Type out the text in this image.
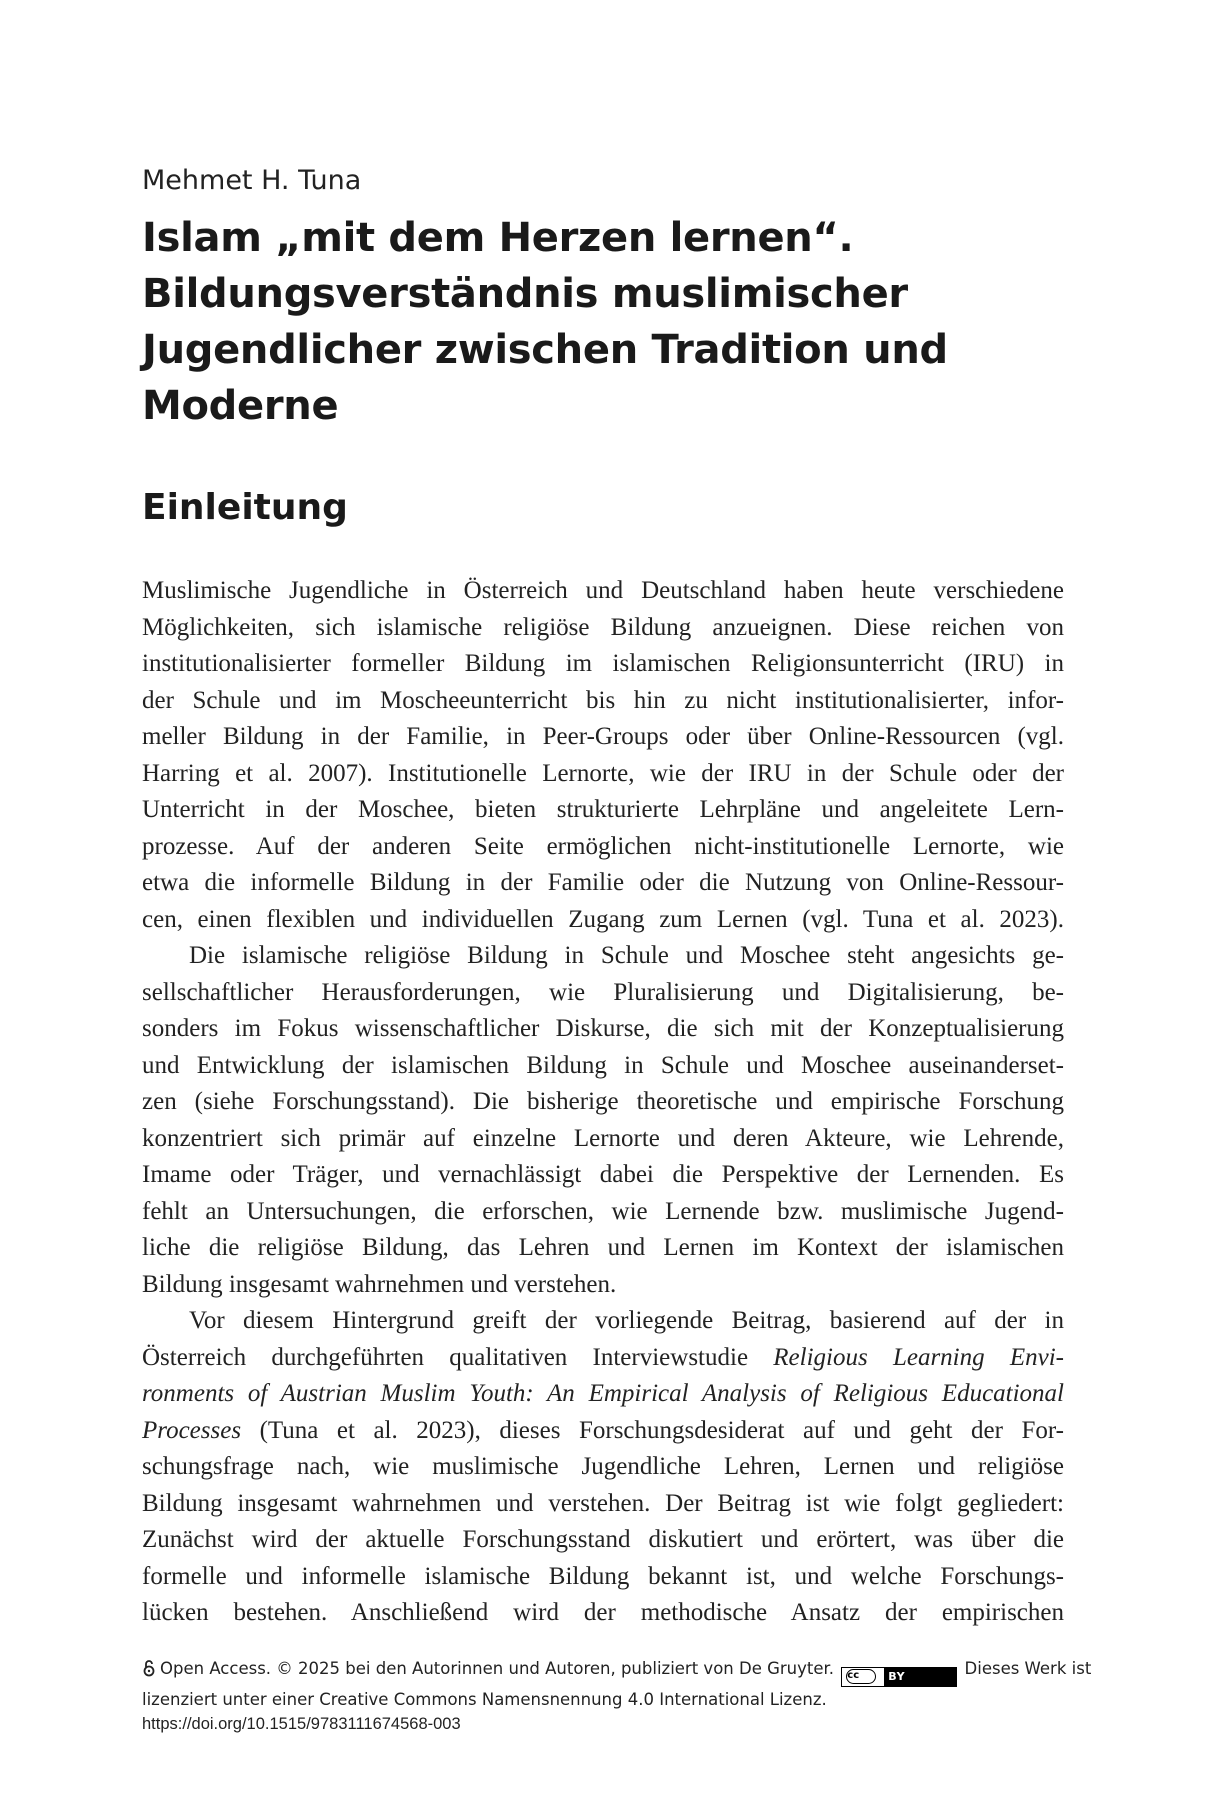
Mehmet H. Tuna
Islam „mit dem Herzen lernen“.
Bildungsverständnis muslimischer
Jugendlicher zwischen Tradition und
Moderne
Einleitung
Muslimische Jugendliche in Österreich und Deutschland haben heute verschiedene
Möglichkeiten, sich islamische religiöse Bildung anzueignen. Diese reichen von
institutionalisierter formeller Bildung im islamischen Religionsunterricht (IRU) in
der Schule und im Moscheeunterricht bis hin zu nicht institutionalisierter, infor-
meller Bildung in der Familie, in Peer-Groups oder über Online-Ressourcen (vgl.
Harring et al. 2007). Institutionelle Lernorte, wie der IRU in der Schule oder der
Unterricht in der Moschee, bieten strukturierte Lehrpläne und angeleitete Lern-
prozesse. Auf der anderen Seite ermöglichen nicht-institutionelle Lernorte, wie
etwa die informelle Bildung in der Familie oder die Nutzung von Online-Ressour-
cen, einen flexiblen und individuellen Zugang zum Lernen (vgl. Tuna et al. 2023).
Die islamische religiöse Bildung in Schule und Moschee steht angesichts ge-
sellschaftlicher Herausforderungen, wie Pluralisierung und Digitalisierung, be-
sonders im Fokus wissenschaftlicher Diskurse, die sich mit der Konzeptualisierung
und Entwicklung der islamischen Bildung in Schule und Moschee auseinanderset-
zen (siehe Forschungsstand). Die bisherige theoretische und empirische Forschung
konzentriert sich primär auf einzelne Lernorte und deren Akteure, wie Lehrende,
Imame oder Träger, und vernachlässigt dabei die Perspektive der Lernenden. Es
fehlt an Untersuchungen, die erforschen, wie Lernende bzw. muslimische Jugend-
liche die religiöse Bildung, das Lehren und Lernen im Kontext der islamischen
Bildung insgesamt wahrnehmen und verstehen.
Vor diesem Hintergrund greift der vorliegende Beitrag, basierend auf der in
Österreich durchgeführten qualitativen Interviewstudie Religious Learning Envi-
ronments of Austrian Muslim Youth: An Empirical Analysis of Religious Educational
Processes (Tuna et al. 2023), dieses Forschungsdesiderat auf und geht der For-
schungsfrage nach, wie muslimische Jugendliche Lehren, Lernen und religiöse
Bildung insgesamt wahrnehmen und verstehen. Der Beitrag ist wie folgt gegliedert:
Zunächst wird der aktuelle Forschungsstand diskutiert und erörtert, was über die
formelle und informelle islamische Bildung bekannt ist, und welche Forschungs-
lücken bestehen. Anschließend wird der methodische Ansatz der empirischen
Open Access. © 2025 bei den Autorinnen und Autoren, publiziert von De Gruyter. cc	BY	Dieses Werk ist
lizenziert unter einer Creative Commons Namensnennung 4.0 International Lizenz.
https://doi.org/10.1515/9783111674568-003
